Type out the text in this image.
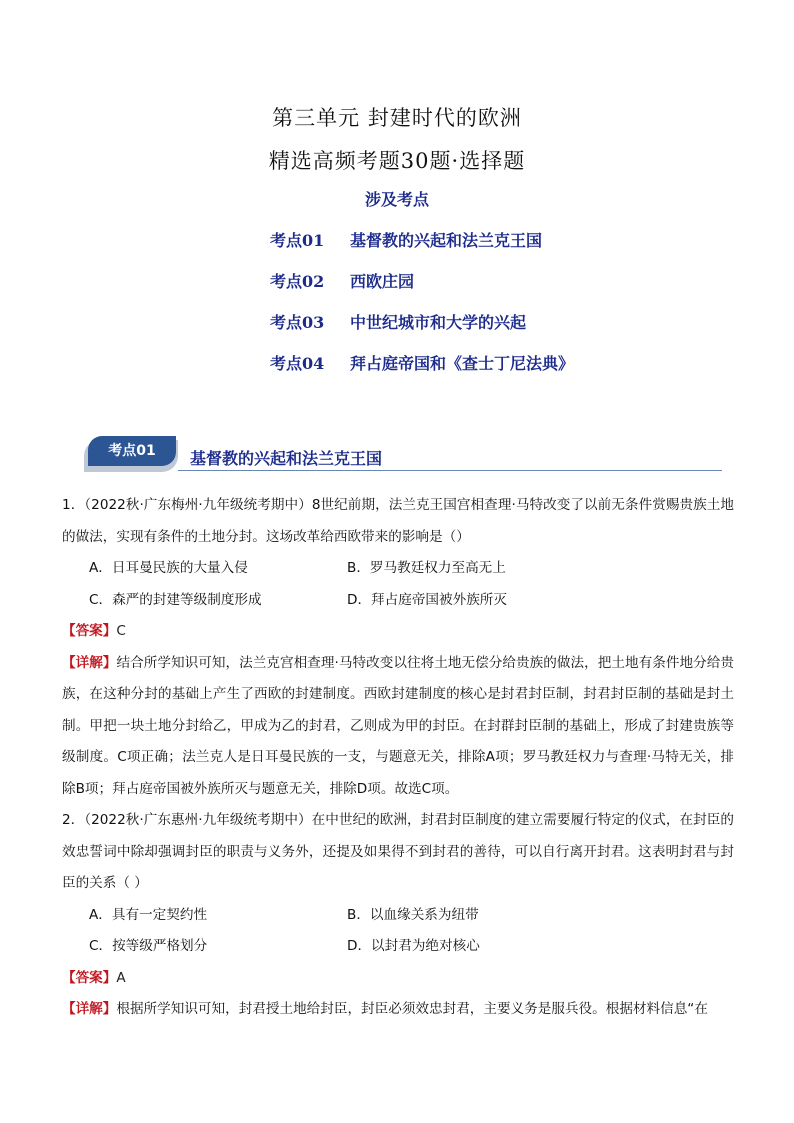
第三单元 封建时代的欧洲
精选高频考题30题·选择题
涉及考点
考点01 基督教的兴起和法兰克王国
考点02 西欧庄园
考点03 中世纪城市和大学的兴起
考点04 拜占庭帝国和《查士丁尼法典》
考点01	基督教的兴起和法兰克王国

1．（2022秋·广东梅州·九年级统考期中）8世纪前期，法兰克王国宫相查理·马特改变了以前无条件赏赐贵族土地的做法，实现有条件的土地分封。这场改革给西欧带来的影响是（）

A．日耳曼民族的大量入侵	B．罗马教廷权力至高无上
C．森严的封建等级制度形成	D．拜占庭帝国被外族所灭
【答案】C

【详解】结合所学知识可知，法兰克宫相查理·马特改变以往将土地无偿分给贵族的做法，把土地有条件地分给贵族，在这种分封的基础上产生了西欧的封建制度。西欧封建制度的核心是封君封臣制，封君封臣制的基础是封土制。甲把一块土地分封给乙，甲成为乙的封君，乙则成为甲的封臣。在封群封臣制的基础上，形成了封建贵族等级制度。C项正确；法兰克人是日耳曼民族的一支，与题意无关，排除A项；罗马教廷权力与查理·马特无关，排除B项；拜占庭帝国被外族所灭与题意无关，排除D项。故选C项。

2．（2022秋·广东惠州·九年级统考期中）在中世纪的欧洲，封君封臣制度的建立需要履行特定的仪式，在封臣的效忠誓词中除却强调封臣的职责与义务外，还提及如果得不到封君的善待，可以自行离开封君。这表明封君与封臣的关系（ ）

A．具有一定契约性	B．以血缘关系为纽带
C．按等级严格划分	D．以封君为绝对核心
【答案】A

【详解】根据所学知识可知，封君授土地给封臣，封臣必须效忠封君，主要义务是服兵役。根据材料信息“在
